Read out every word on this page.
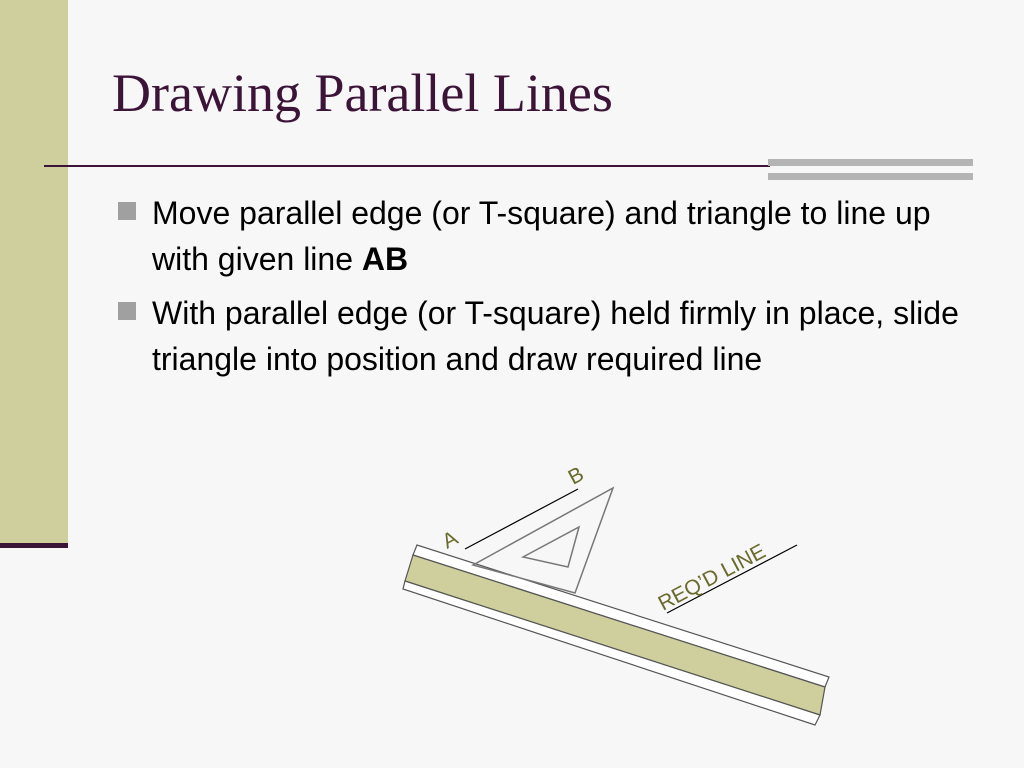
Drawing Parallel Lines
Move parallel edge (or T-square) and triangle to line up with given line AB
With parallel edge (or T-square) held firmly in place, slide triangle into position and draw required line
A
B
REQ’D LINE
